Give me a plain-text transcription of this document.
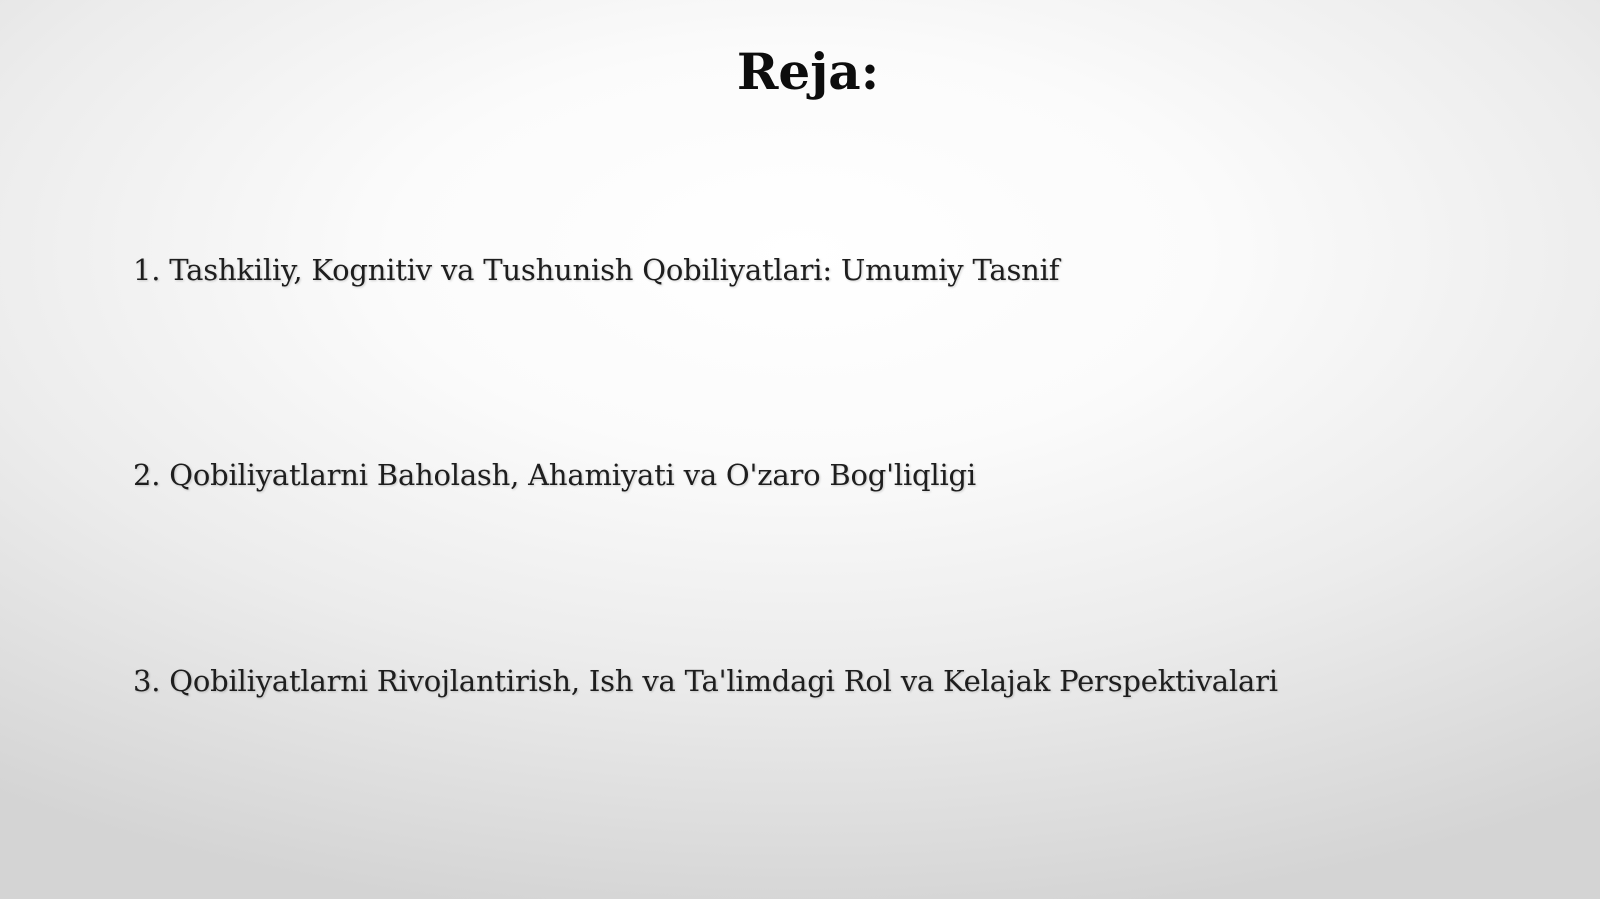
Reja:
1. Tashkiliy, Kognitiv va Tushunish Qobiliyatlari: Umumiy Tasnif
2. Qobiliyatlarni Baholash, Ahamiyati va O'zaro Bog'liqligi
3. Qobiliyatlarni Rivojlantirish, Ish va Ta'limdagi Rol va Kelajak Perspektivalari
